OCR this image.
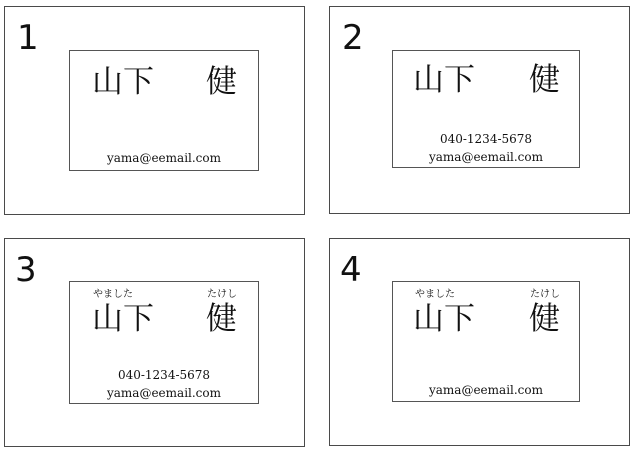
1
山下 健
yama@eemail.com
2
山下 健
040-1234-5678
yama@eemail.com
3
やました	たけし
山下 健
040-1234-5678
yama@eemail.com
4
やました	たけし
山下 健
yama@eemail.com
